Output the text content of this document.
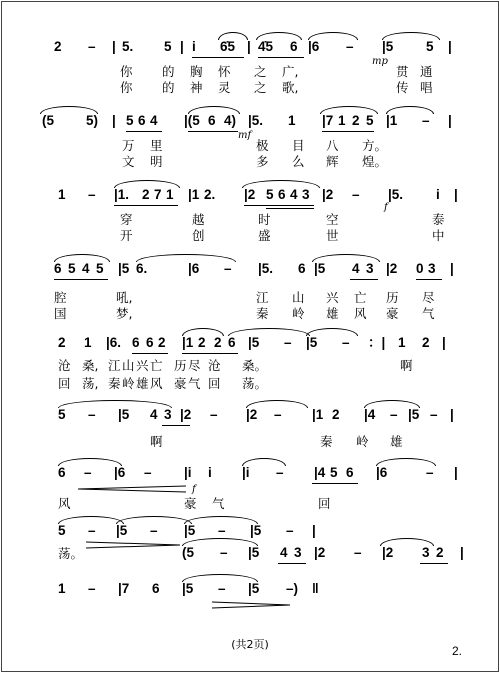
2 – | 5. 5 | i 6̇5 | 4̇5 6 |6 – |5 5 |
mp
你 的 胸 怀 之 广,	贯 通
你 的 神 灵 之 歌,	传 唱
(5 5) | 5 6 4 |(5 6 4) |5. 1 |7 1 2 5 |1 – |
mf
万 里	极 目 八 方。
文 明	多 么 辉 煌。
1 – |1. 2 7 1 |1 2. |2 5 6 4 3 |2 – |5. i |
f
穿	越	时	空	泰
开	创	盛	世	中
6 5 4 5 |5 6.	|6 – |5. 6 |5 4 3 |2 0 3 |
腔	吼,	江 山 兴 亡 历 尽
国	梦,	秦 岭 雄 风 豪 气
2 1 |6. 6 6 2 |1 2 2 6 |5 – |5 – ：| 1 2 |
沧 桑, 江 山 兴 亡 历 尽 沧 桑。	啊
回 荡, 秦 岭 雄 风 豪 气 回 荡。
5 – |5 4 3 |2 – |2 – |1 2 |4 – |5 – |
啊	秦 岭 雄
6 – |6 – |i i |i – |4 5 6 |6	– |
f
风	豪 气	回
5 – |5 – |5 – |5 – |
(5 – |5 4 3 |2 – |2 3 2 |
荡。
1 – |7 6 |5 – |5 –) ‖
(共2页)	2.
